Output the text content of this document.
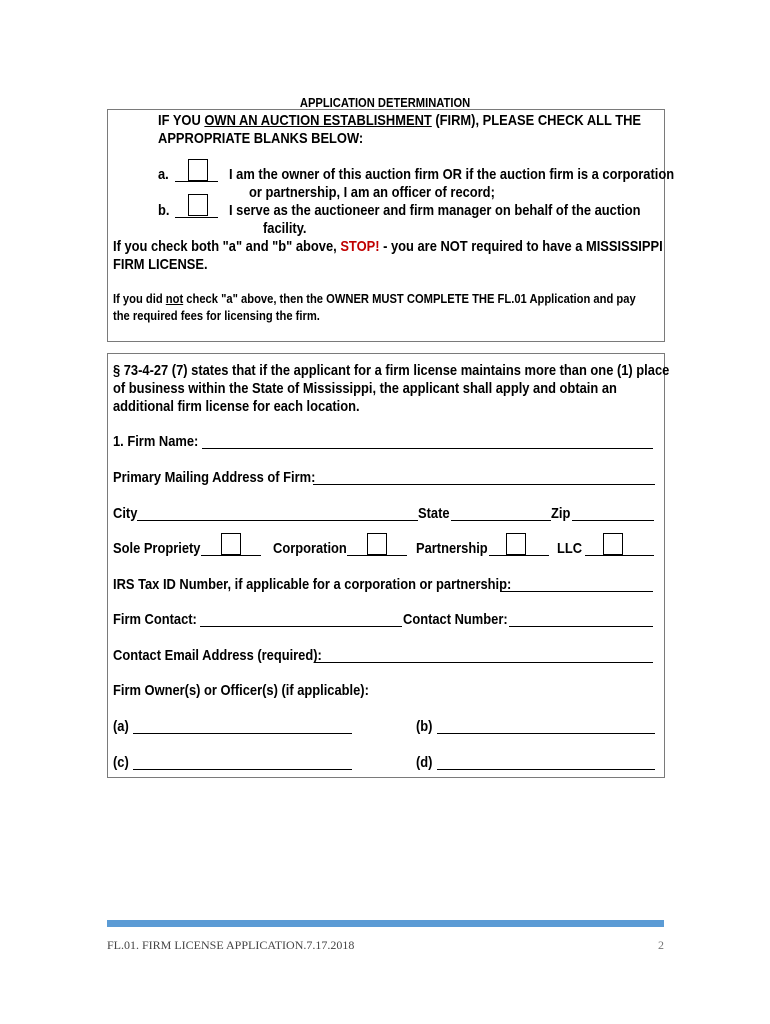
APPLICATION DETERMINATION
IF YOU OWN AN AUCTION ESTABLISHMENT (FIRM), PLEASE CHECK ALL THE
APPROPRIATE BLANKS BELOW:
a.	I am the owner of this auction firm OR if the auction firm is a corporation
or partnership, I am an officer of record;
b.	I serve as the auctioneer and firm manager on behalf of the auction
facility.
If you check both "a" and "b" above, STOP! - you are NOT required to have a MISSISSIPPI
FIRM LICENSE.
If you did not check "a" above, then the OWNER MUST COMPLETE THE FL.01 Application and pay
the required fees for licensing the firm.
§ 73-4-27 (7) states that if the applicant for a firm license maintains more than one (1) place
of business within the State of Mississippi, the applicant shall apply and obtain an
additional firm license for each location.
1. Firm Name:
Primary Mailing Address of Firm:
City	State	Zip
Sole Propriety	Corporation	Partnership	LLC
IRS Tax ID Number, if applicable for a corporation or partnership:
Firm Contact:	Contact Number:
Contact Email Address (required):
Firm Owner(s) or Officer(s) (if applicable):
(a)	(b)
(c)	(d)
FL.01. FIRM LICENSE APPLICATION.7.17.2018	2
